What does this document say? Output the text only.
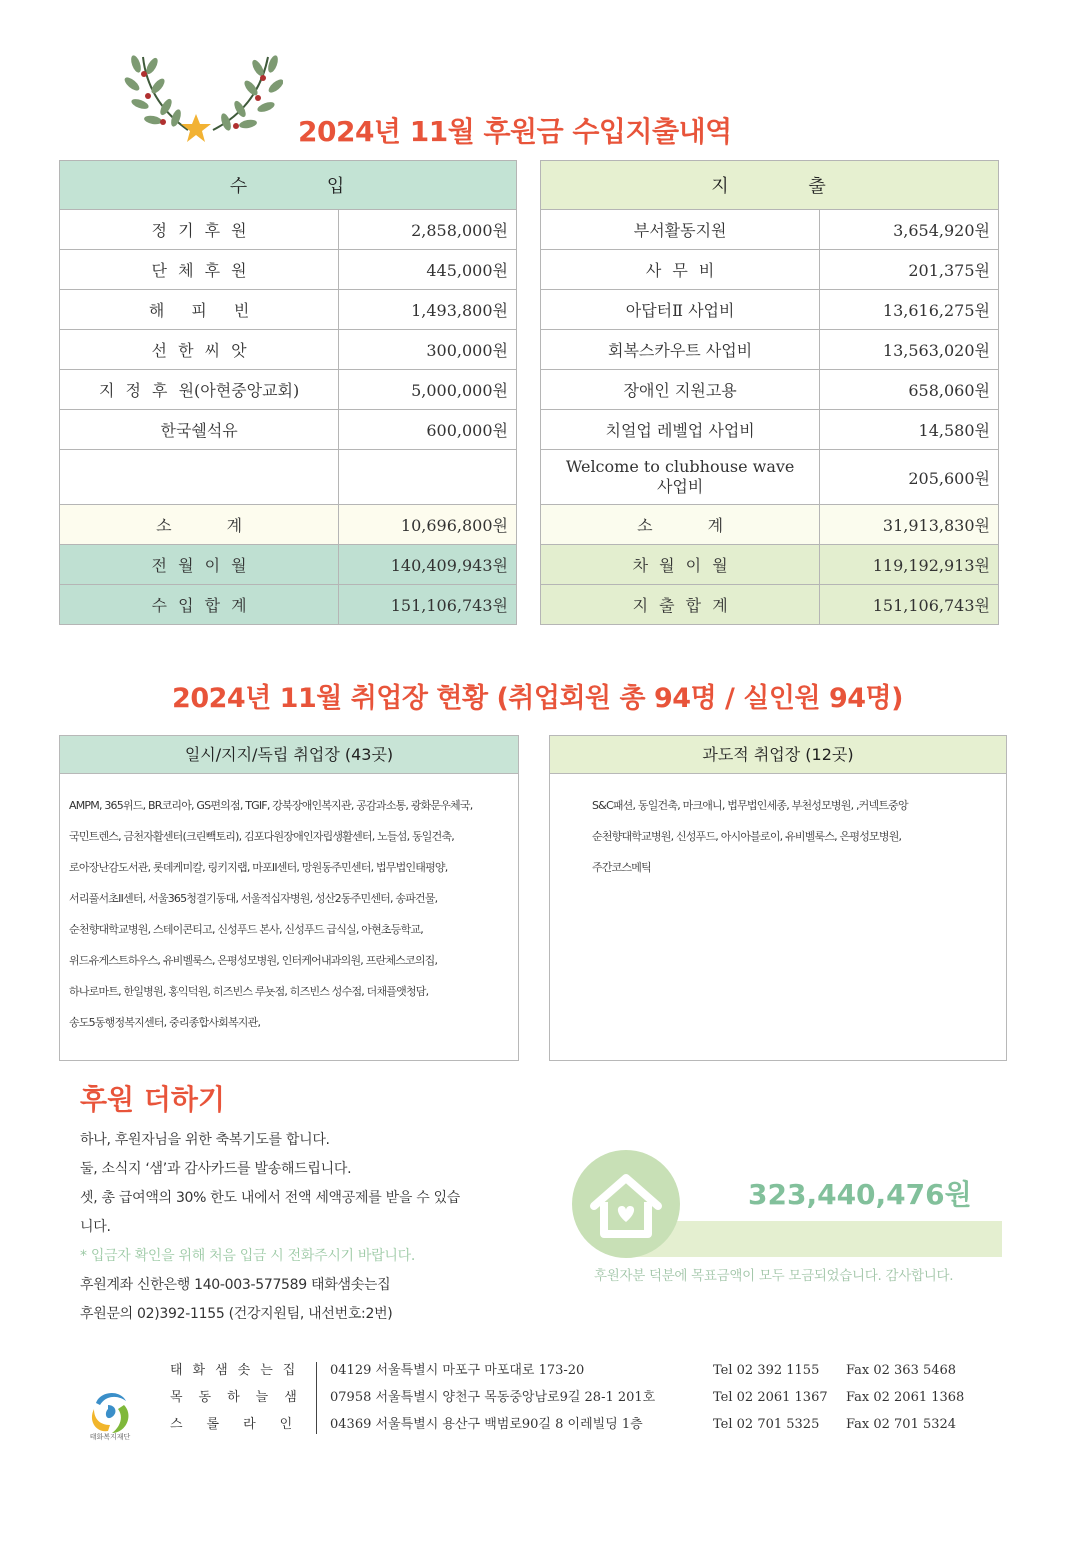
2024년 11월 후원금 수입지출내역
수 입	
정 기 후 원	2,858,000원
단 체 후 원	445,000원
해 피 빈	1,493,800원
선 한 씨 앗	300,000원
지 정 후 원(아현중앙교회)	5,000,000원
한국쉘석유	600,000원

소 계	10,696,800원
전 월 이 월	140,409,943원
수 입 합 계	151,106,743원
지 출	
부서활동지원	3,654,920원
사 무 비	201,375원
아답터Ⅱ 사업비	13,616,275원
회복스카우트 사업비	13,563,020원
장애인 지원고용	658,060원
치얼업 레벨업 사업비	14,580원

Welcome to clubhouse wave
사업비	205,600원
소 계	31,913,830원
차 월 이 월	119,192,913원
지 출 합 계	151,106,743원
2024년 11월 취업장 현황 (취업회원 총 94명 / 실인원 94명)
일시/지지/독립 취업장 (43곳)
AMPM, 365위드, BR코리아, GS편의점, TGIF, 강북장애인복지관, 공감과소통, 광화문우체국,
국민트렌스, 금천자활센터(크린빽토리), 김포다원장애인자립생활센터, 노들섬, 동일건축,
로아장난감도서관, 롯데케미칼, 링키지랩, 마포II센터, 망원동주민센터, 법무법인태평양,
서리풀서초II센터, 서울365청결기동대, 서울적십자병원, 성산2동주민센터, 송파건물,
순천향대학교병원, 스테이콘티고, 신성푸드 본사, 신성푸드 급식실, 아현초등학교,
위드유게스트하우스, 유비벨룩스, 은평성모병원, 인터케어내과의원, 프란체스코의집,
하나로마트, 한일병원, 홍익덕원, 히즈빈스 루뇻점, 히즈빈스 성수점, 더채플앳청담,
송도5동행정복지센터, 중리종합사회복지관,
과도적 취업장 (12곳)
S&C패션, 동일건축, 마크애니, 법무법인세종, 부천성모병원, ,커넥트중앙
순천향대학교병원, 신성푸드, 아시아블로이, 유비벨룩스, 은평성모병원,
주간코스메틱
후원 더하기
하나, 후원자님을 위한 축복기도를 합니다.
둘, 소식지 ‘샘’과 감사카드를 발송해드립니다.
셋, 총 급여액의 30% 한도 내에서 전액 세액공제를 받을 수 있습
니다.
* 입금자 확인을 위해 처음 입금 시 전화주시기 바랍니다.
후원계좌 신한은행 140-003-577589 태화샘솟는집
후원문의 02)392-1155 (건강지원팀, 내선번호:2번)
323,440,476원
후원자분 덕분에 목표금액이 모두 모금되었습니다. 감사합니다.
태화복지재단
태화샘솟는집 04129 서울특별시 마포구 마포대로 173-20	Tel 02 392 1155 Fax 02 363 5468
목동하늘샘 07958 서울특별시 양천구 목동중앙남로9길 28-1 201호	Tel 02 2061 1367 Fax 02 2061 1368
스롤라인 04369 서울특별시 용산구 백범로90길 8 이레빌딩 1층	Tel 02 701 5325 Fax 02 701 5324
